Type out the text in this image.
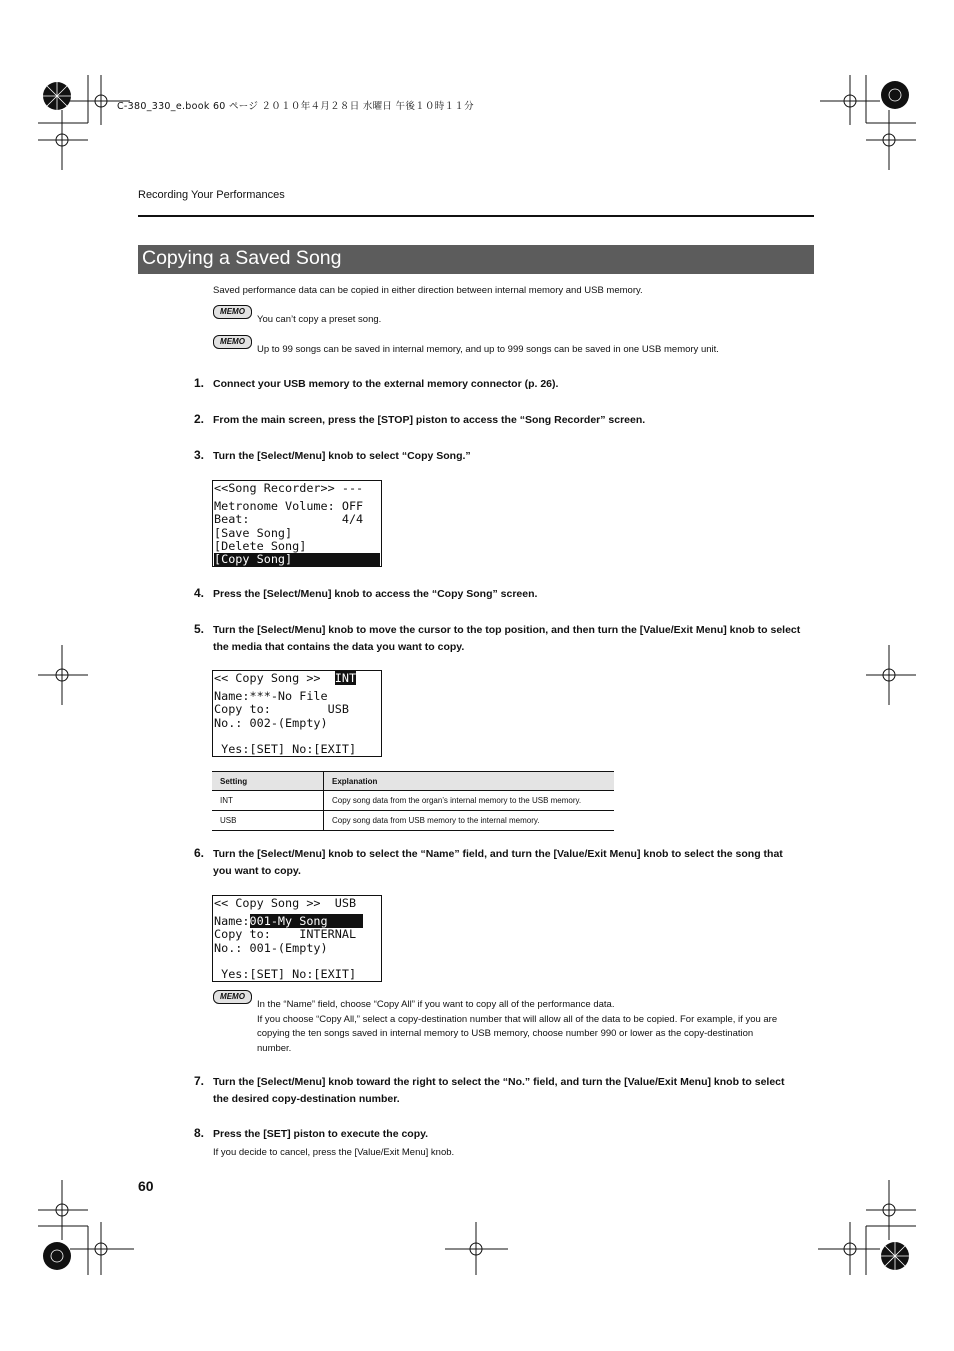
C-380_330_e.book 60 ページ ２０１０年４月２８日 水曜日 午後１０時１１分
Recording Your Performances
Copying a Saved Song
Saved performance data can be copied in either direction between internal memory and USB memory.
MEMO
You can’t copy a preset song.
MEMO
Up to 99 songs can be saved in internal memory, and up to 999 songs can be saved in one USB memory unit.
1. Connect your USB memory to the external memory connector (p. 26).
2. From the main screen, press the [STOP] piston to access the “Song Recorder” screen.
3. Turn the [Select/Menu] knob to select “Copy Song.”
<<Song Recorder>> ---
Metronome Volume: OFF
Beat:             4/4
[Save Song]
[Delete Song]
[Copy Song]
4. Press the [Select/Menu] knob to access the “Copy Song” screen.
5. Turn the [Select/Menu] knob to move the cursor to the top position, and then turn the [Value/Exit Menu] knob to select the media that contains the data you want to copy.
<< Copy Song >>  INT
Name:***-No File
Copy to:        USB
No.: 002-(Empty)
Yes:[SET] No:[EXIT]
Setting	Explanation
INT	Copy song data from the organ’s internal memory to the USB memory.
USB	Copy song data from USB memory to the internal memory.
6. Turn the [Select/Menu] knob to select the “Name” field, and turn the [Value/Exit Menu] knob to select the song that you want to copy.
<< Copy Song >>  USB
Name:001-My Song
Copy to:    INTERNAL
No.: 001-(Empty)
Yes:[SET] No:[EXIT]
MEMO
In the “Name” field, choose “Copy All” if you want to copy all of the performance data.
If you choose “Copy All,” select a copy-destination number that will allow all of the data to be copied. For example, if you are
copying the ten songs saved in internal memory to USB memory, choose number 990 or lower as the copy-destination
number.
7. Turn the [Select/Menu] knob toward the right to select the “No.” field, and turn the [Value/Exit Menu] knob to select the desired copy-destination number.
8. Press the [SET] piston to execute the copy.
If you decide to cancel, press the [Value/Exit Menu] knob.
60
